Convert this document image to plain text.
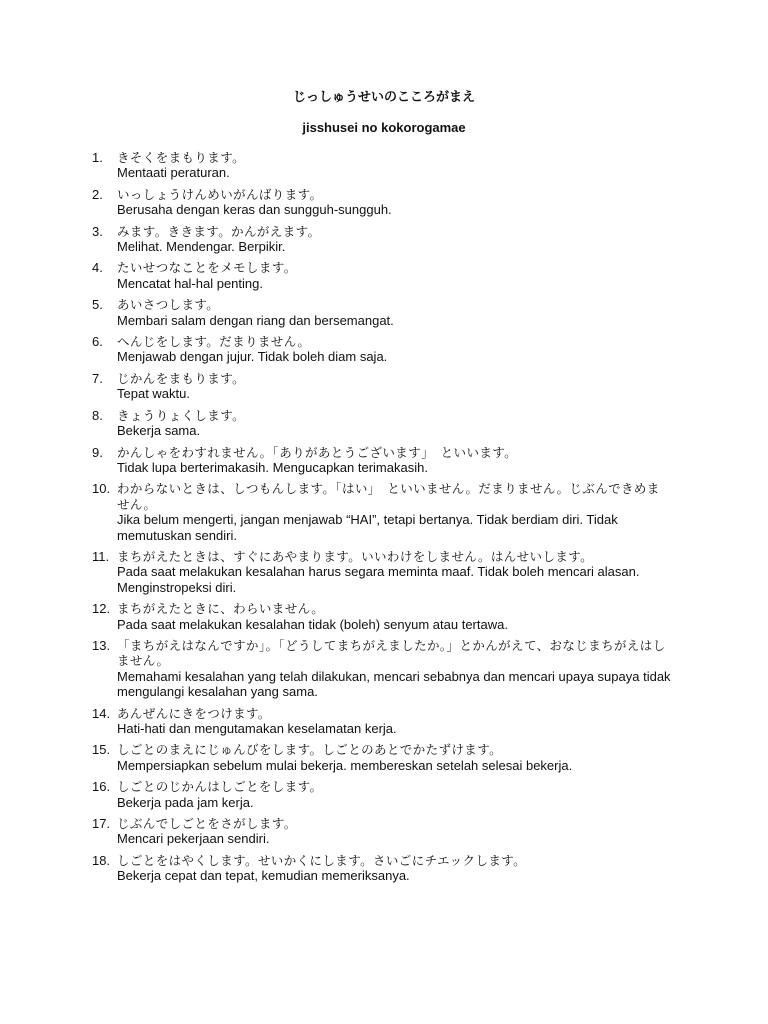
じっしゅうせいのこころがまえ
jisshusei no kokorogamae
1. きそくをまもります。
Mentaati peraturan.
2. いっしょうけんめいがんばります。
Berusaha dengan keras dan sungguh-sungguh.
3. みます。ききます。かんがえます。
Melihat. Mendengar. Berpikir.
4. たいせつなことをメモします。
Mencatat hal-hal penting.
5. あいさつします。
Membari salam dengan riang dan bersemangat.
6. へんじをします。だまりません。
Menjawab dengan jujur. Tidak boleh diam saja.
7. じかんをまもります。
Tepat waktu.
8. きょうりょくします。
Bekerja sama.
9. かんしゃをわすれません。「ありがあとうございます」　といいます。
Tidak lupa berterimakasih. Mengucapkan terimakasih.
10. わからないときは、しつもんします。「はい」　といいません。だまりません。じぶんできめません。
Jika belum mengerti, jangan menjawab “HAI”, tetapi bertanya. Tidak berdiam diri. Tidak memutuskan sendiri.
11. まちがえたときは、すぐにあやまります。いいわけをしません。はんせいします。
Pada saat melakukan kesalahan harus segara meminta maaf. Tidak boleh mencari alasan. Menginstropeksi diri.
12. まちがえたときに、わらいません。
Pada saat melakukan kesalahan tidak (boleh) senyum atau tertawa.
13. 「まちがえはなんですか」。「どうしてまちがえましたか。」とかんがえて、おなじまちがえはしません。
Memahami kesalahan yang telah dilakukan, mencari sebabnya dan mencari upaya supaya tidak mengulangi kesalahan yang sama.
14. あんぜんにきをつけます。
Hati-hati dan mengutamakan keselamatan kerja.
15. しごとのまえにじゅんびをします。しごとのあとでかたずけます。
Mempersiapkan sebelum mulai bekerja. membereskan setelah selesai bekerja.
16. しごとのじかんはしごとをします。
Bekerja pada jam kerja.
17. じぶんでしごとをさがします。
Mencari pekerjaan sendiri.
18. しごとをはやくします。せいかくにします。さいごにチエックします。
Bekerja cepat dan tepat, kemudian memeriksanya.
